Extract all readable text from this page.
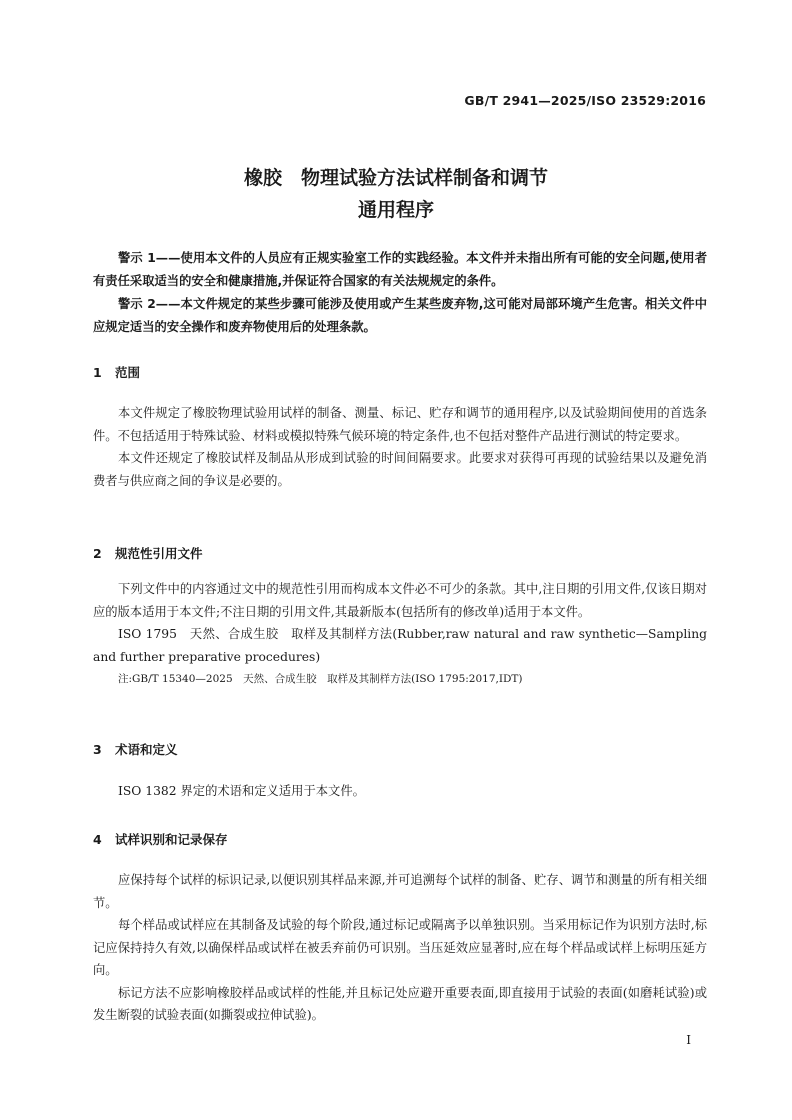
GB/T 2941—2025/ISO 23529:2016
橡胶　物理试验方法试样制备和调节
通用程序

警示 1——使用本文件的人员应有正规实验室工作的实践经验。本文件并未指出所有可能的安全问题,使用者有责任采取适当的安全和健康措施,并保证符合国家的有关法规规定的条件。

警示 2——本文件规定的某些步骤可能涉及使用或产生某些废弃物,这可能对局部环境产生危害。相关文件中应规定适当的安全操作和废弃物使用后的处理条款。

1 范围

本文件规定了橡胶物理试验用试样的制备、测量、标记、贮存和调节的通用程序,以及试验期间使用的首选条件。不包括适用于特殊试验、材料或模拟特殊气候环境的特定条件,也不包括对整件产品进行测试的特定要求。

本文件还规定了橡胶试样及制品从形成到试验的时间间隔要求。此要求对获得可再现的试验结果以及避免消费者与供应商之间的争议是必要的。

2 规范性引用文件

下列文件中的内容通过文中的规范性引用而构成本文件必不可少的条款。其中,注日期的引用文件,仅该日期对应的版本适用于本文件;不注日期的引用文件,其最新版本(包括所有的修改单)适用于本文件。

ISO 1795　天然、合成生胶　取样及其制样方法(Rubber,raw natural and raw synthetic—Sampling and further preparative procedures)

注:GB/T 15340—2025　天然、合成生胶　取样及其制样方法(ISO 1795:2017,IDT)

3 术语和定义

ISO 1382 界定的术语和定义适用于本文件。

4 试样识别和记录保存

应保持每个试样的标识记录,以便识别其样品来源,并可追溯每个试样的制备、贮存、调节和测量的所有相关细节。

每个样品或试样应在其制备及试验的每个阶段,通过标记或隔离予以单独识别。当采用标记作为识别方法时,标记应保持持久有效,以确保样品或试样在被丢弃前仍可识别。当压延效应显著时,应在每个样品或试样上标明压延方向。

标记方法不应影响橡胶样品或试样的性能,并且标记处应避开重要表面,即直接用于试验的表面(如磨耗试验)或发生断裂的试验表面(如撕裂或拉伸试验)。

I
